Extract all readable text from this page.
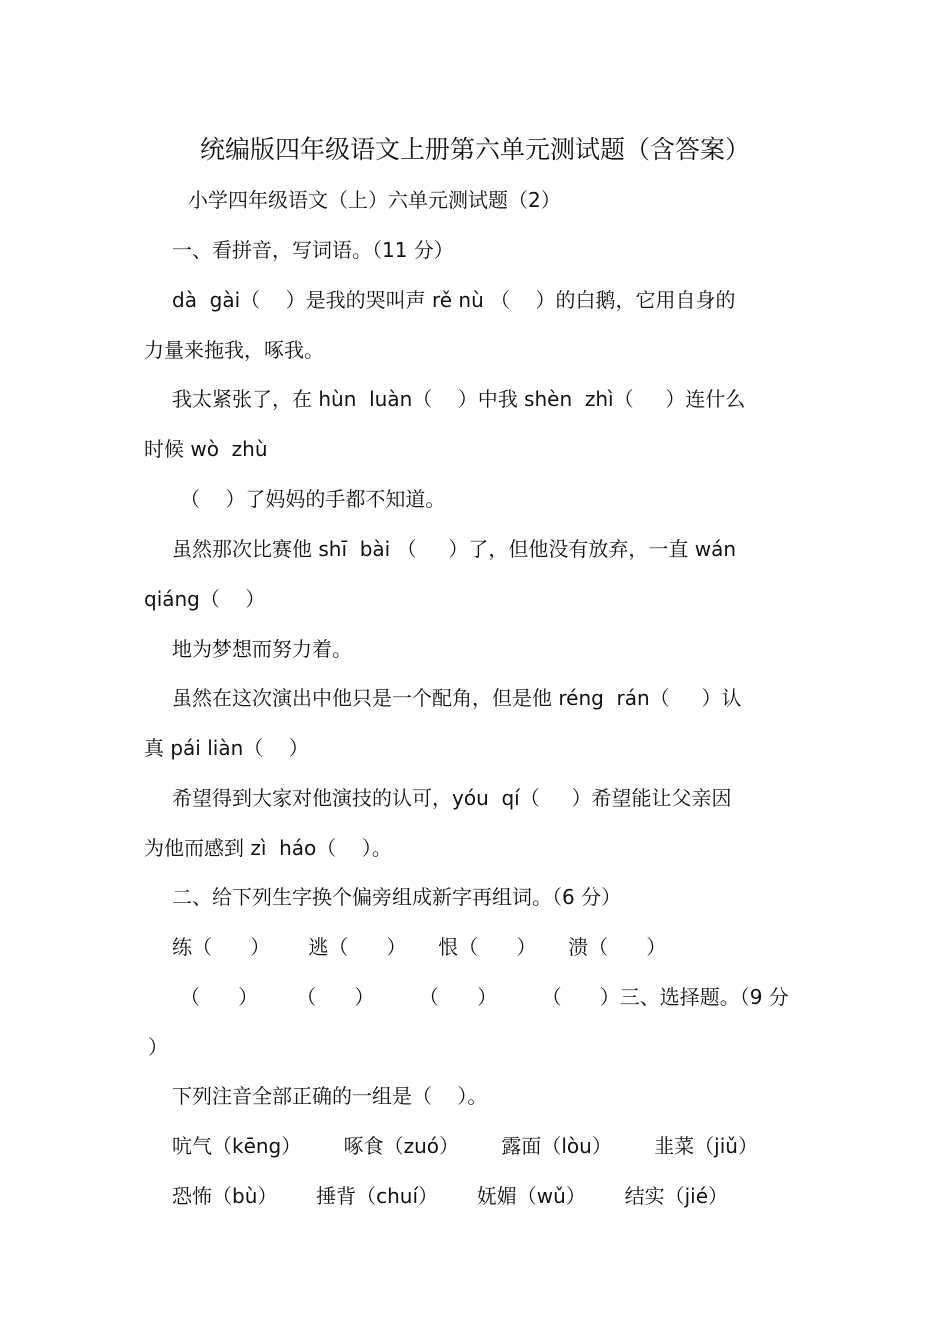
统编版四年级语文上册第六单元测试题（含答案）
小学四年级语文（上）六单元测试题（2）
一、看拼音，写词语。（11 分）
dà  gài（    ）是我的哭叫声 rě nù （    ）的白鹅，它用自身的
力量来拖我，啄我。
我太紧张了，在 hùn  luàn（    ）中我 shèn  zhì（     ）连什么
时候 wò  zhù
（    ）了妈妈的手都不知道。
虽然那次比赛他 shī  bài （     ）了，但他没有放弃，一直 wán
qiáng（    ）
地为梦想而努力着。
虽然在这次演出中他只是一个配角，但是他 réng  rán（     ）认
真 pái liàn（    ）
希望得到大家对他演技的认可，yóu  qí（     ）希望能让父亲因
为他而感到 zì  háo（    ）。
二、给下列生字换个偏旁组成新字再组词。（6 分）
练（      ）      逃（      ）     恨（      ）     溃（      ）
（      ）      （      ）       （      ）       （      ）三、选择题。（9 分
）
下列注音全部正确的一组是（    ）。
吭气（kēng） 啄食（zuó） 露面（lòu） 韭菜（jiǔ）
恐怖（bù） 捶背（chuí） 妩媚（wǔ） 结实（jié）
